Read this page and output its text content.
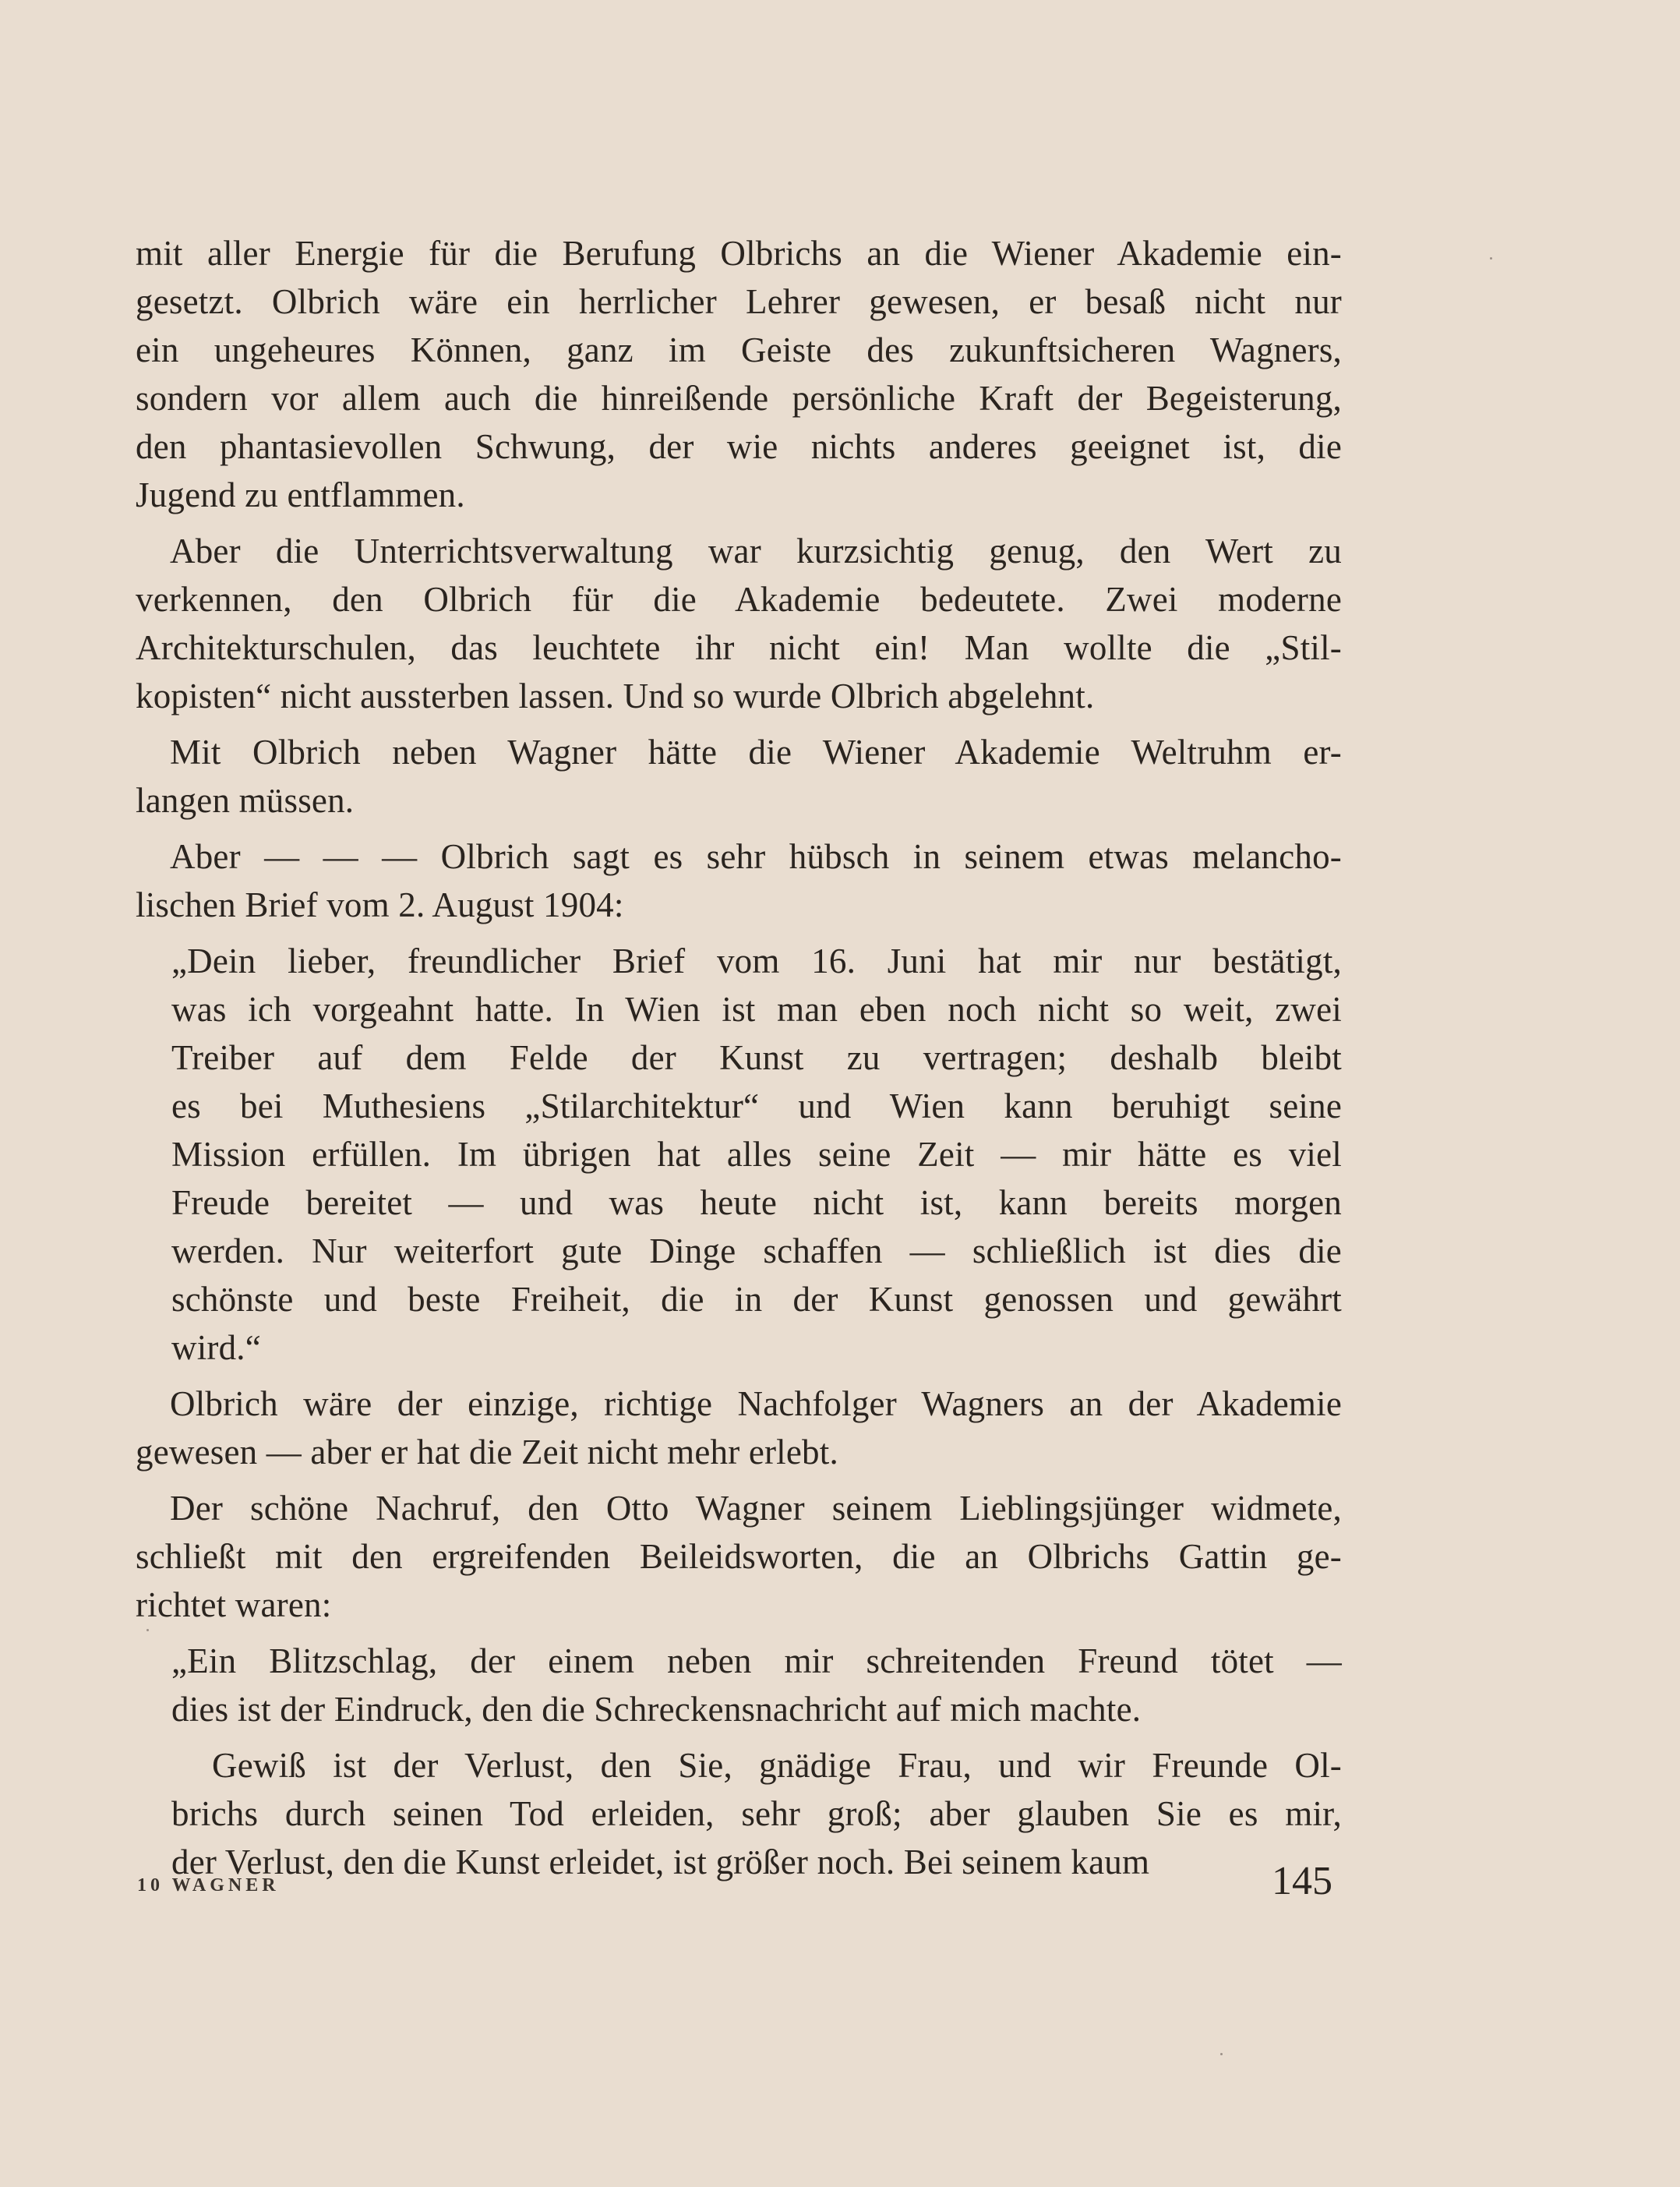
mit aller Energie für die Berufung Olbrichs an die Wiener Akademie ein-
gesetzt. Olbrich wäre ein herrlicher Lehrer gewesen, er besaß nicht nur
ein ungeheures Können, ganz im Geiste des zukunftsicheren Wagners,
sondern vor allem auch die hinreißende persönliche Kraft der Begeisterung,
den phantasievollen Schwung, der wie nichts anderes geeignet ist, die
Jugend zu entflammen.
Aber die Unterrichtsverwaltung war kurzsichtig genug, den Wert zu
verkennen, den Olbrich für die Akademie bedeutete. Zwei moderne
Architekturschulen, das leuchtete ihr nicht ein! Man wollte die „Stil-
kopisten“ nicht aussterben lassen. Und so wurde Olbrich abgelehnt.
Mit Olbrich neben Wagner hätte die Wiener Akademie Weltruhm er-
langen müssen.
Aber — — — Olbrich sagt es sehr hübsch in seinem etwas melancho-
lischen Brief vom 2. August 1904:
„Dein lieber, freundlicher Brief vom 16. Juni hat mir nur bestätigt,
was ich vorgeahnt hatte. In Wien ist man eben noch nicht so weit, zwei
Treiber auf dem Felde der Kunst zu vertragen; deshalb bleibt
es bei Muthesiens „Stilarchitektur“ und Wien kann beruhigt seine
Mission erfüllen. Im übrigen hat alles seine Zeit — mir hätte es viel
Freude bereitet — und was heute nicht ist, kann bereits morgen
werden. Nur weiterfort gute Dinge schaffen — schließlich ist dies die
schönste und beste Freiheit, die in der Kunst genossen und gewährt
wird.“
Olbrich wäre der einzige, richtige Nachfolger Wagners an der Akademie
gewesen — aber er hat die Zeit nicht mehr erlebt.
Der schöne Nachruf, den Otto Wagner seinem Lieblingsjünger widmete,
schließt mit den ergreifenden Beileidsworten, die an Olbrichs Gattin ge-
richtet waren:
„Ein Blitzschlag, der einem neben mir schreitenden Freund tötet —
dies ist der Eindruck, den die Schreckensnachricht auf mich machte.
Gewiß ist der Verlust, den Sie, gnädige Frau, und wir Freunde Ol-
brichs durch seinen Tod erleiden, sehr groß; aber glauben Sie es mir,
der Verlust, den die Kunst erleidet, ist größer noch. Bei seinem kaum
10 WAGNER	145
